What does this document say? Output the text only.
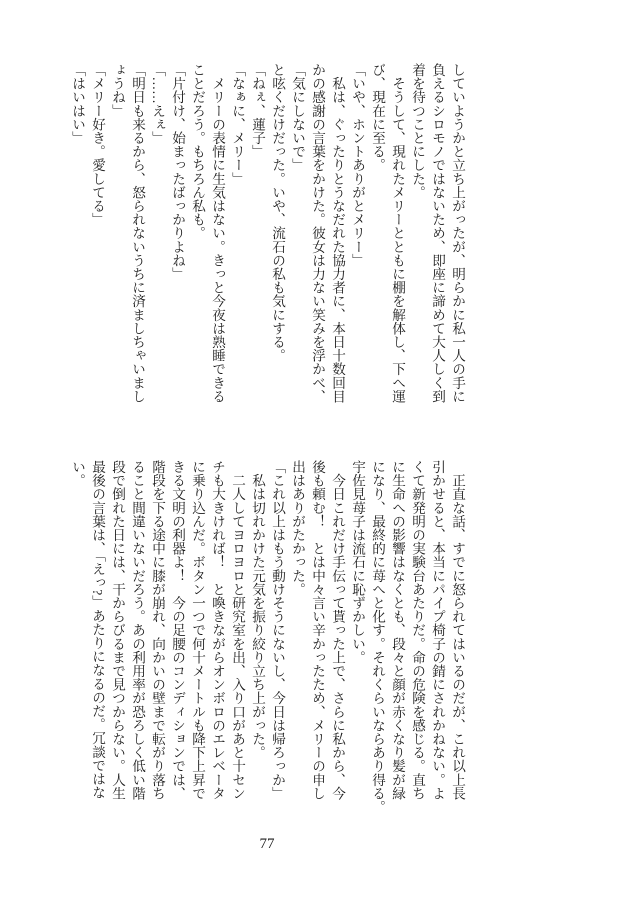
していようかと立ち上がったが、明らかに私一人の手に
負えるシロモノではないため、即座に諦めて大人しく到
着を待つことにした。
　そうして、現れたメリーとともに棚を解体し、下へ運
び、現在に至る。
「いや、ホントありがとメリー」
　私は、ぐったりとうなだれた協力者に、本日十数回目
かの感謝の言葉をかけた。彼女は力ない笑みを浮かべ、
「気にしないで」
と呟くだけだった。いや、流石の私も気にする。
「ねぇ、蓮子」
「なぁに、メリー」
　メリーの表情に生気はない。きっと今夜は熟睡できる
ことだろう。もちろん私も。
「片付け、始まったばっかりよね」
「……えぇ」
「明日も来るから、怒られないうちに済ましちゃいまし
ょうね」
「メリー好き。愛してる」
「はいはい」
　正直な話、すでに怒られてはいるのだが、これ以上長
引かせると、本当にパイプ椅子の錆にされかねない。よ
くて新発明の実験台あたりだ。命の危険を感じる。直ち
に生命への影響はなくとも、段々と顔が赤くなり髪が緑
になり、最終的に苺へと化す。それくらいならあり得る。
宇佐見苺子は流石に恥ずかしい。
　今日これだけ手伝って貰った上で、さらに私から、今
後も頼む！　とは中々言い辛かったため、メリーの申し
出はありがたかった。
「これ以上はもう動けそうにないし、今日は帰ろっか」
　私は切れかけた元気を振り絞り立ち上がった。
　二人してヨロヨロと研究室を出、入り口があと十セン
チも大きければ！　と喚きながらオンボロのエレベータ
に乗り込んだ。ボタン一つで何十メートルも降下上昇で
きる文明の利器よ！　今の足腰のコンディションでは、
階段を下る途中に膝が崩れ、向かいの壁まで転がり落ち
ること間違いないだろう。あの利用率が恐ろしく低い階
段で倒れた日には、干からびるまで見つからない。人生
最後の言葉は、「えっ?」あたりになるのだ。冗談ではな
い。
77
